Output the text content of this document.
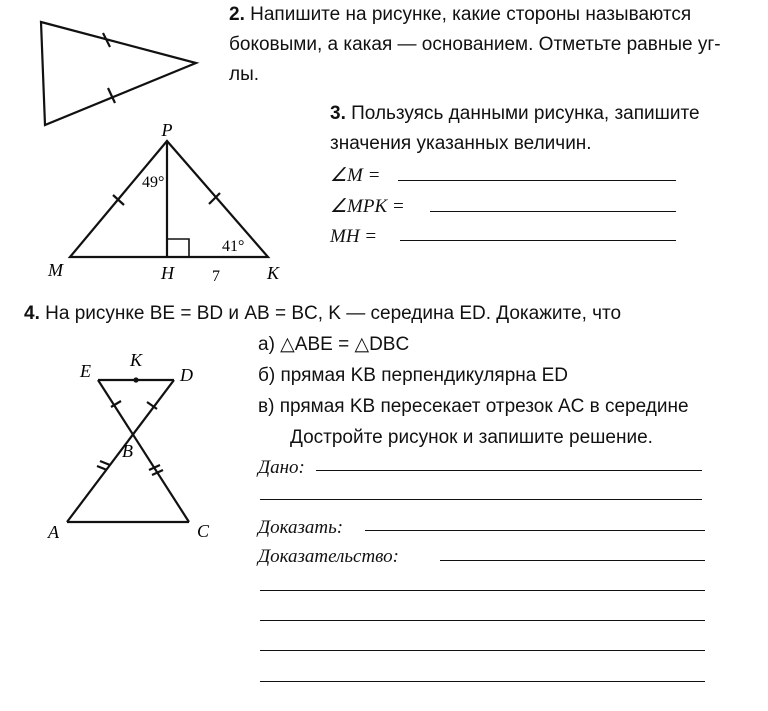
P
M	H	K
49°
41°
7
E
K
D
B
A	C
2. Напишите на рисунке, какие стороны называются
боковыми, а какая — основанием. Отметьте равные уг-
лы.
3. Пользуясь данными рисунка, запишите
значения указанных величин.
∠M =
∠MPK =
MH =
4. На рисунке BE = BD и AB = BC, K — середина ED. Докажите, что
а) △ABE = △DBC
б) прямая KB перпендикулярна ED
в) прямая KB пересекает отрезок AC в середине
Достройте рисунок и запишите решение.
Дано:
Доказать:
Доказательство:
